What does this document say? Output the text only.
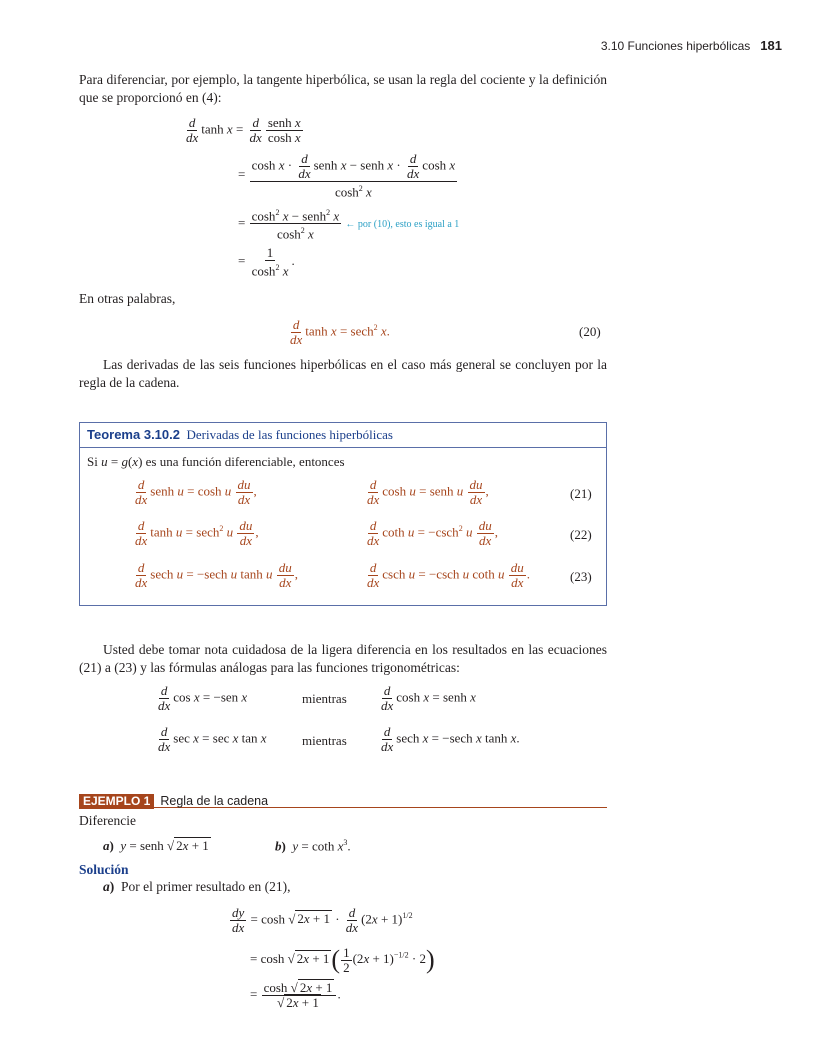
3.10 Funciones hiperbólicas 181

Para diferenciar, por ejemplo, la tangente hiperbólica, se usan la regla del cociente y la definición que se proporcionó en (4):

$\frac{d}{dx}$ $\tanh x = \frac{d}{dx} \frac{\text{senh x}}{\text{cosh x}}$
= $\frac{\cosh x \cdot \frac{d}{dx} senh x - senh x \cdot \frac{d}{dx} \cosh x}{\cosh^2 x}$
= $\frac{\cosh^2 x - senh^2 x}{\cosh^2 x}$ ← por (10), esto es igual a 1
= $\frac{1}{\cosh^2 x}$ .

En otras palabras,

$\frac{d}{dx}$ tanh x = sech$^2$ x.	(20)

Las derivadas de las seis funciones hiperbólicas en el caso más general se concluyen por la regla de la cadena.

Teorema 3.10.2 Derivadas de las funciones hiperbólicas
Si u = g(x) es una función diferenciable, entonces
$\frac{d}{dx}$ senh u = cosh u $\frac{du}{dx}$ ,	$\frac{d}{dx}$ cosh u = senh u $\frac{du}{dx}$ ,	(21)
$\frac{d}{dx}$ tanh u = sech$^2$ u $\frac{du}{dx}$ ,	$\frac{d}{dx}$ coth u = −csch$^2$ u $\frac{du}{dx}$ ,	(22)
$\frac{d}{dx}$ sech u = −sech u tanh u $\frac{du}{dx}$ ,	$\frac{d}{dx}$ csch u = −csch u coth u $\frac{du}{dx}$ .	(23)

Usted debe tomar nota cuidadosa de la ligera diferencia en los resultados en las ecuaciones (21) a (23) y las fórmulas análogas para las funciones trigonométricas:

$\frac{d}{dx}$ cos x = −sen x	mientras $\frac{d}{dx}$ cosh x = senh x
$\frac{d}{dx}$ sec x = sec x tan x	mientras $\frac{d}{dx}$ sech x = −sech x tanh x.
EJEMPLO 1 Regla de la cadena
Diferencie
a) y = senh √ 2x + 1	b) y = coth $x^3$.
Solución
a) Por el primer resultado en (21),
$\frac{dy}{dx} = \cosh$ √ $2x + 1 \cdot \frac{d}{dx} (2x + 1)^{1/2}$
= cosh √ $2x + 1( \frac{1}{2} (2x + 1)^{-1/2} \cdot 2)$
= $\frac{\cosh √ 2x + 1}{√ 2x + 1}$ .
